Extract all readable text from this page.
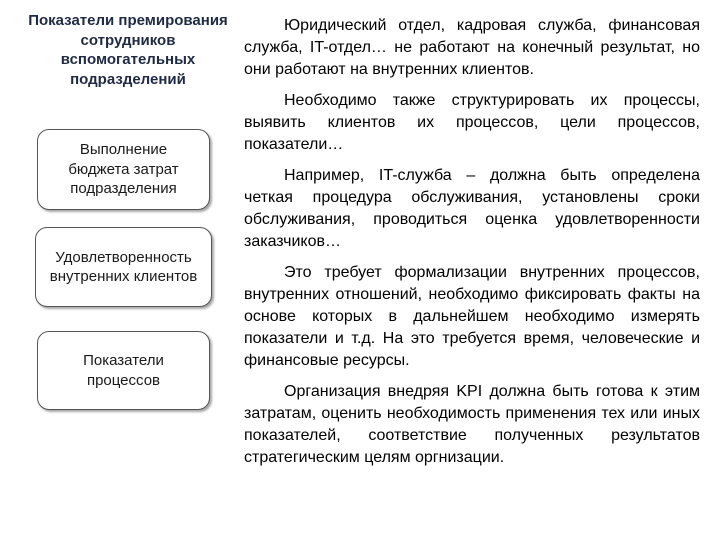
Показатели премирования сотрудников вспомогательных подразделений
Выполнение
бюджета затрат
подразделения
Удовлетворенность
внутренних клиентов
Показатели
процессов

Юридический отдел, кадровая служба, финансовая служба, IT-отдел… не работают на конечный результат, но они работают на внутренних клиентов.

Необходимо также структурировать их процессы, выявить клиентов их процессов, цели процессов, показатели…

Например, IT-служба – должна быть определена четкая процедура обслуживания, установлены сроки обслуживания, проводиться оценка удовлетворенности заказчиков…

Это требует формализации внутренних процессов, внутренних отношений, необходимо фиксировать факты на основе которых в дальнейшем необходимо измерять показатели и т.д. На это требуется время, человеческие и финансовые ресурсы.

Организация внедряя KPI должна быть готова к этим затратам, оценить необходимость применения тех или иных показателей, соответствие полученных результатов стратегическим целям оргнизации.
